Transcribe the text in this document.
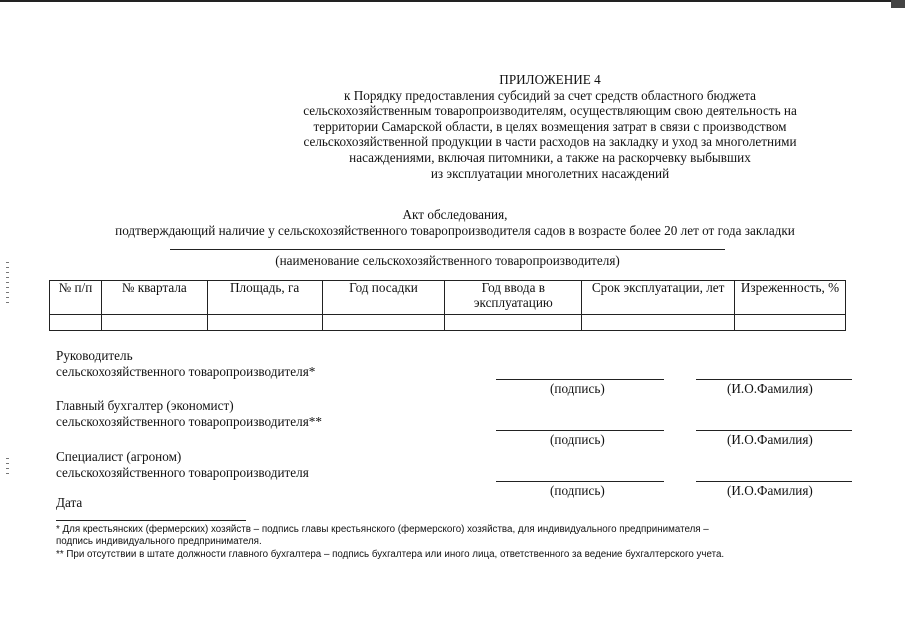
ПРИЛОЖЕНИЕ 4
к Порядку предоставления субсидий за счет средств областного бюджета
сельскохозяйственным товаропроизводителям, осуществляющим свою деятельность на
территории Самарской области, в целях возмещения затрат в связи с производством
сельскохозяйственной продукции в части расходов на закладку и уход за многолетними
насаждениями, включая питомники, а также на раскорчевку выбывших
из эксплуатации многолетних насаждений
Акт обследования,
подтверждающий наличие у сельскохозяйственного товаропроизводителя садов в возрасте более 20 лет от года закладки
(наименование сельскохозяйственного товаропроизводителя)
№ п/п	№ квартала	Площадь, га	Год посадки	Год ввода в эксплуатацию	Срок эксплуатации, лет	Изреженность, %

Руководитель
сельскохозяйственного товаропроизводителя*
(подпись)	(И.О.Фамилия)
Главный бухгалтер (экономист)
сельскохозяйственного товаропроизводителя**
(подпись)	(И.О.Фамилия)
Специалист (агроном)
сельскохозяйственного товаропроизводителя
(подпись)	(И.О.Фамилия)
Дата
* Для крестьянских (фермерских) хозяйств – подпись главы крестьянского (фермерского) хозяйства, для индивидуального предпринимателя –
подпись индивидуального предпринимателя.
** При отсутствии в штате должности главного бухгалтера – подпись бухгалтера или иного лица, ответственного за ведение бухгалтерского учета.
